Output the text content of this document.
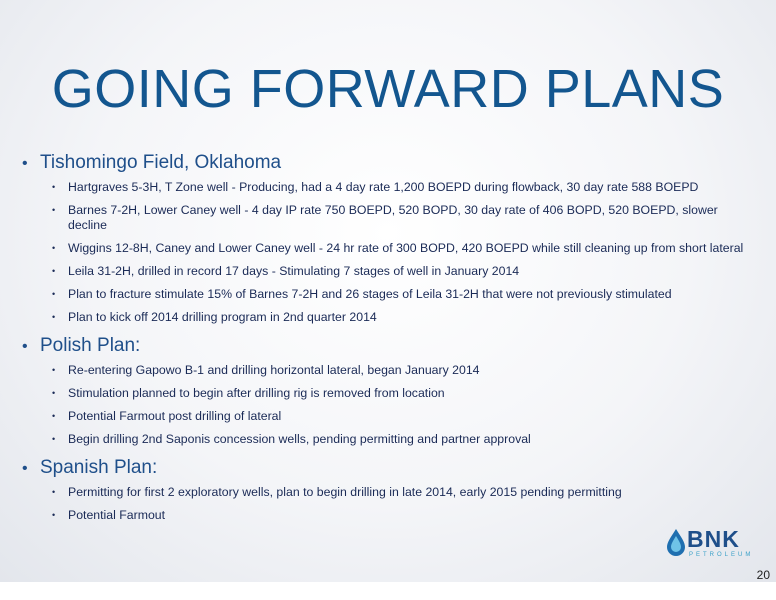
GOING FORWARD PLANS
• Tishomingo Field, Oklahoma
•	Hartgraves 5-3H, T Zone well - Producing, had a 4 day rate 1,200 BOEPD during flowback, 30 day rate 588 BOEPD
•	Barnes 7-2H, Lower Caney well - 4 day IP rate 750 BOEPD, 520 BOPD, 30 day rate of 406 BOPD, 520 BOEPD, slower decline
•	Wiggins 12-8H, Caney and Lower Caney well - 24 hr rate of 300 BOPD, 420 BOEPD while still cleaning up from short lateral
•	Leila 31-2H, drilled in record 17 days - Stimulating 7 stages of well in January 2014
•	Plan to fracture stimulate 15% of Barnes 7-2H and 26 stages of Leila 31-2H that were not previously stimulated
•	Plan to kick off 2014 drilling program in 2nd quarter 2014
• Polish Plan:
•	Re-entering Gapowo B-1 and drilling horizontal lateral, began January 2014
•	Stimulation planned to begin after drilling rig is removed from location
•	Potential Farmout post drilling of lateral
•	Begin drilling 2nd Saponis concession wells, pending permitting and partner approval
• Spanish Plan:
•	Permitting for first 2 exploratory wells, plan to begin drilling in late 2014, early 2015 pending permitting
•	Potential Farmout
BNK
PETROLEUM
20
